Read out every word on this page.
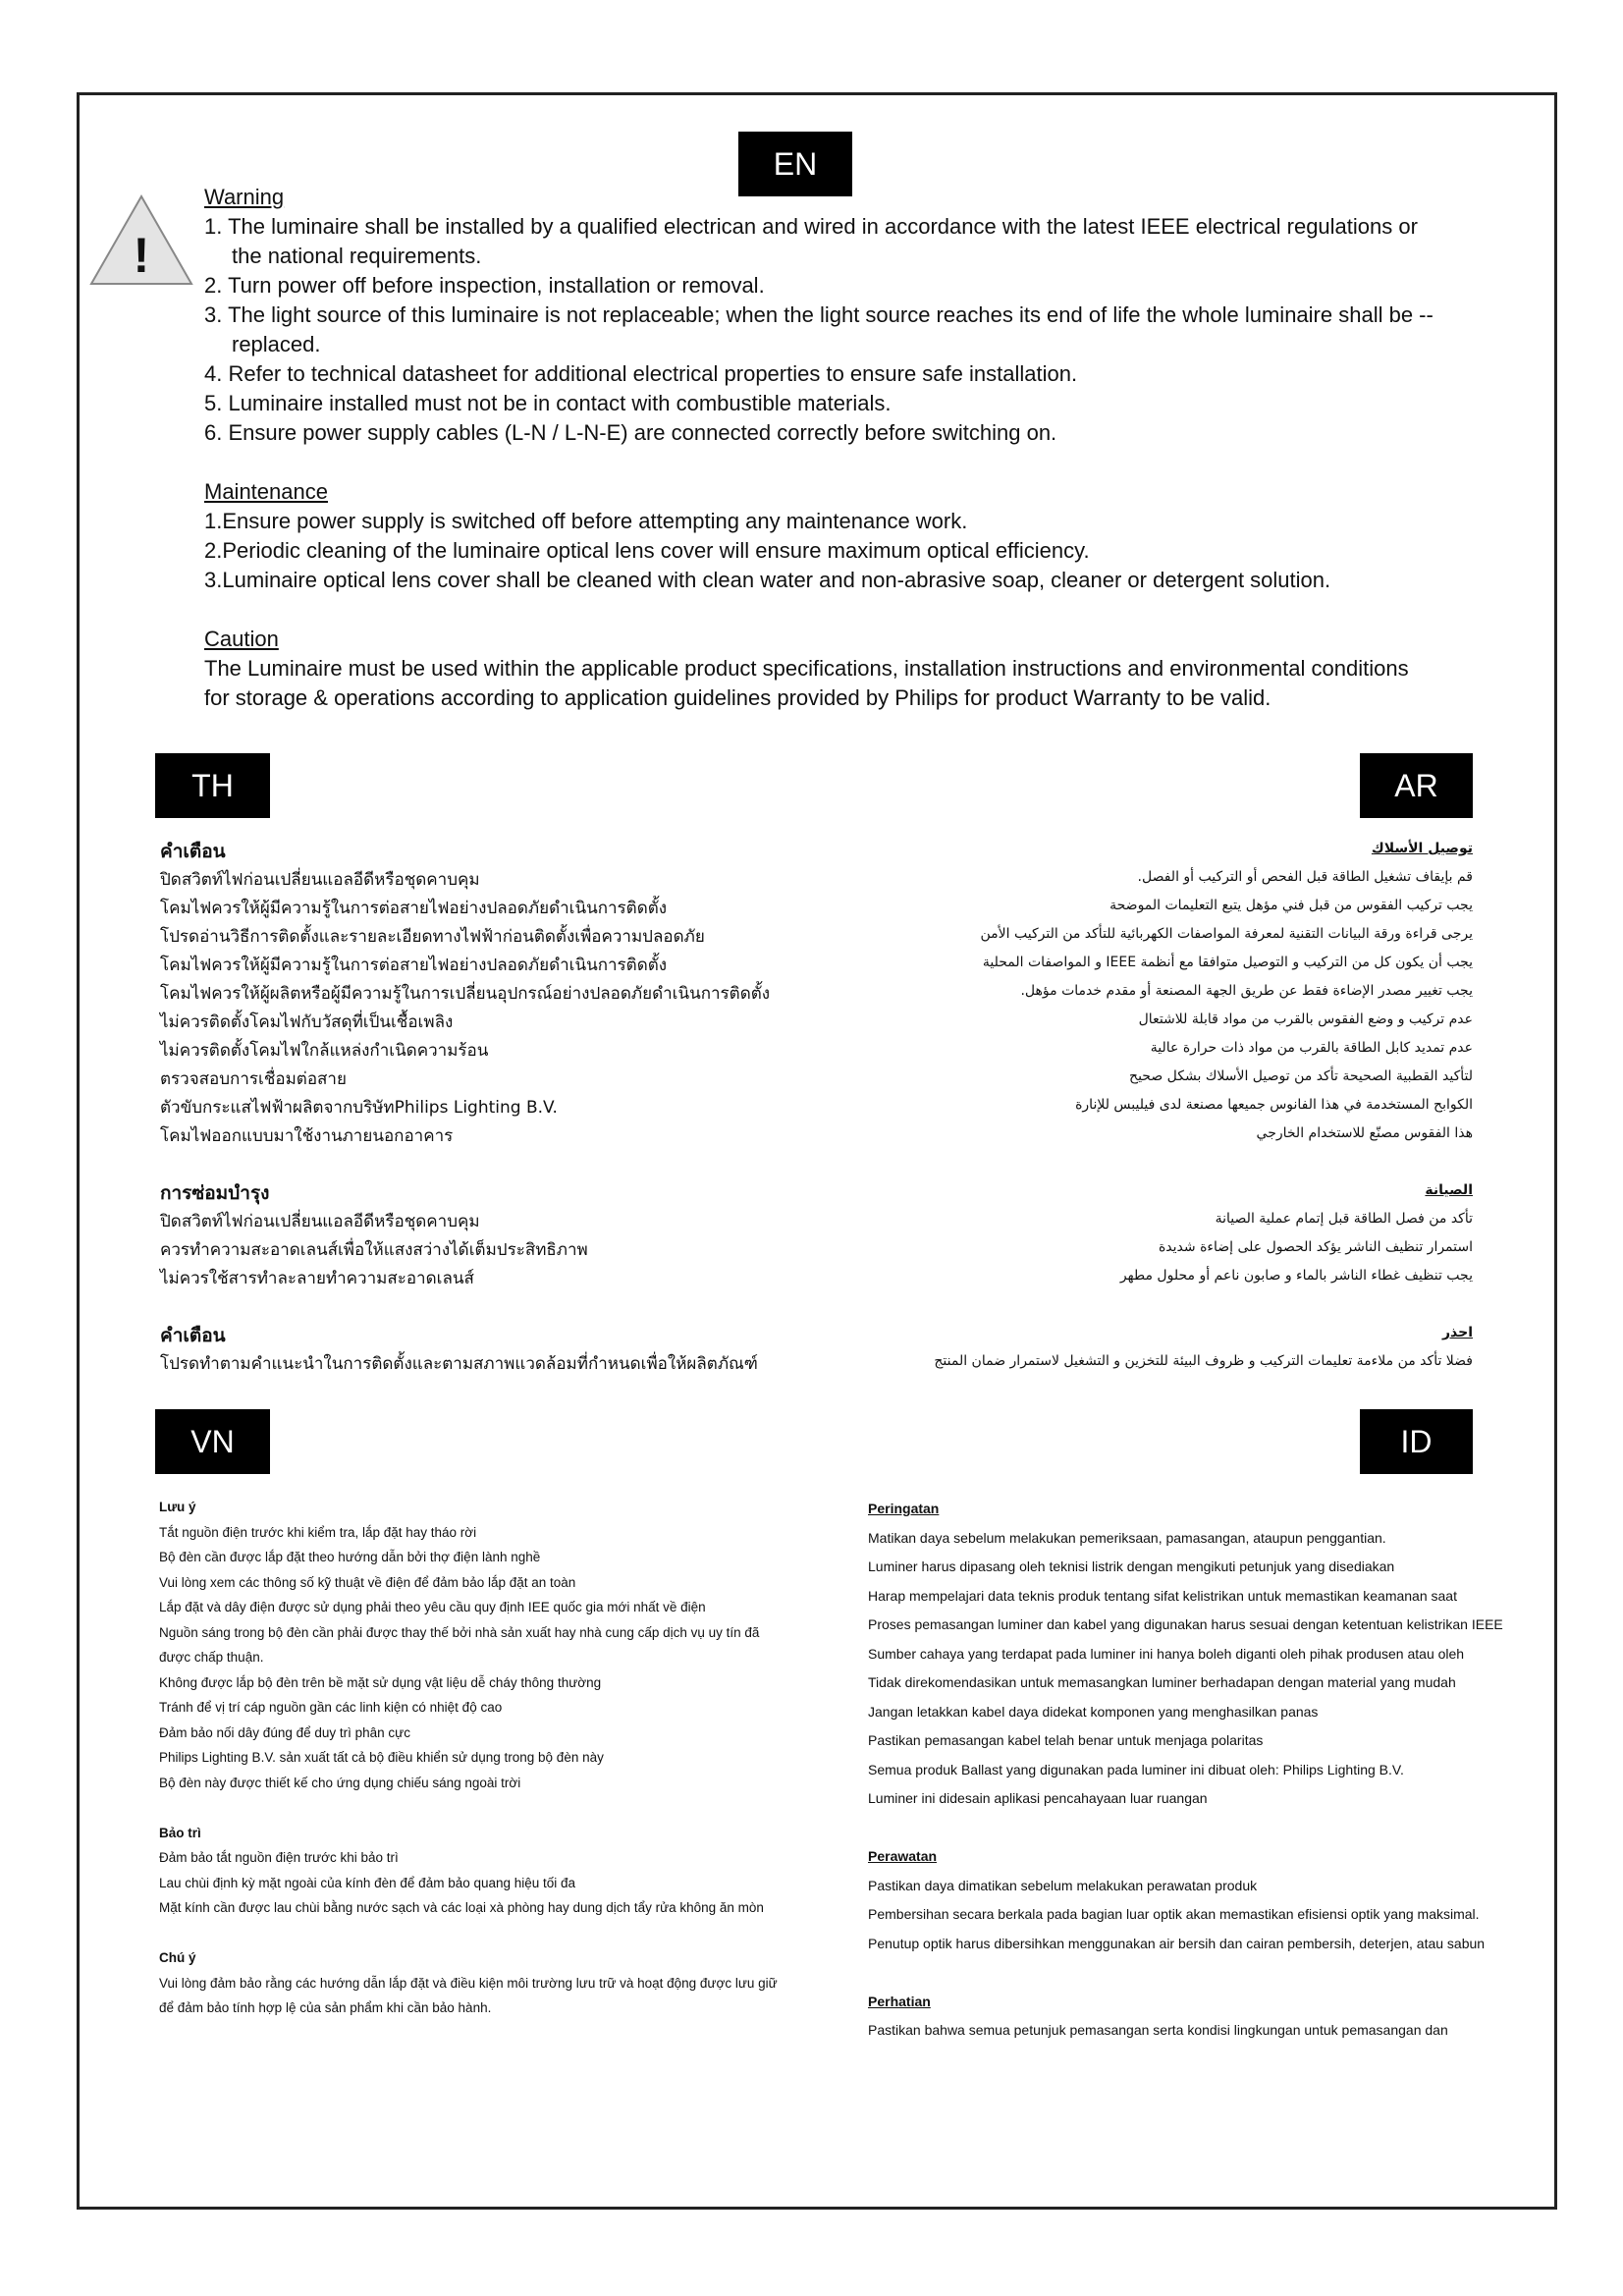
EN
!

Warning

1. The luminaire shall be installed by a qualified electrican and wired in accordance with the latest IEEE electrical regulations or

the national requirements.

2. Turn power off before inspection, installation or removal.

3. The light source of this luminaire is not replaceable; when the light source reaches its end of life the whole luminaire shall be --

replaced.

4. Refer to technical datasheet for additional electrical properties to ensure safe installation.

5. Luminaire installed must not be in contact with combustible materials.

6. Ensure power supply cables (L-N / L-N-E) are connected correctly before switching on.

Maintenance

1.Ensure power supply is switched off before attempting any maintenance work.

2.Periodic cleaning of the luminaire optical lens cover will ensure maximum optical efficiency.

3.Luminaire optical lens cover shall be cleaned with clean water and non-abrasive soap, cleaner or detergent solution.

Caution

The Luminaire must be used within the applicable product specifications, installation instructions and environmental conditions

for storage & operations according to application guidelines provided by Philips for product Warranty to be valid.

TH

คำเตือน

ปิดสวิตท์ไฟก่อนเปลี่ยนแอลอีดีหรือชุดคาบคุม

โคมไฟควรให้ผู้มีความรู้ในการต่อสายไฟอย่างปลอดภัยดำเนินการติดตั้ง

โปรดอ่านวิธีการติดตั้งและรายละเอียดทางไฟฟ้าก่อนติดตั้งเพื่อความปลอดภัย

โคมไฟควรให้ผู้มีความรู้ในการต่อสายไฟอย่างปลอดภัยดำเนินการติดตั้ง

โคมไฟควรให้ผู้ผลิตหรือผู้มีความรู้ในการเปลี่ยนอุปกรณ์อย่างปลอดภัยดำเนินการติดตั้ง

ไม่ควรติดตั้งโคมไฟกับวัสดุที่เป็นเชื้อเพลิง

ไม่ควรติดตั้งโคมไฟใกล้แหล่งกำเนิดความร้อน

ตรวจสอบการเชื่อมต่อสาย

ตัวขับกระแสไฟฟ้าผลิตจากบริษัทPhilips Lighting B.V.

โคมไฟออกแบบมาใช้งานภายนอกอาคาร

การซ่อมบำรุง

ปิดสวิตท์ไฟก่อนเปลี่ยนแอลอีดีหรือชุดคาบคุม

ควรทำความสะอาดเลนส์เพื่อให้แสงสว่างได้เต็มประสิทธิภาพ

ไม่ควรใช้สารทำละลายทำความสะอาดเลนส์

คำเตือน

โปรดทำตามคำแนะนำในการติดตั้งและตามสภาพแวดล้อมที่กำหนดเพื่อให้ผลิตภัณฑ์

AR

توصيل الأسلاك

قم بإيقاف تشغيل الطاقة قبل الفحص أو التركيب أو الفصل.

يجب تركيب الفقوس من قبل فني مؤهل يتبع التعليمات الموضحة

يرجى قراءة ورقة البيانات التقنية لمعرفة المواصفات الكهربائية للتأكد من التركيب الأمن

يجب أن يكون كل من التركيب و التوصيل متوافقا مع أنظمة IEEE و المواصفات المحلية

يجب تغيير مصدر الإضاءة فقط عن طريق الجهة المصنعة أو مقدم خدمات مؤهل.

عدم تركيب و وضع الفقوس بالقرب من مواد قابلة للاشتعال

عدم تمديد كابل الطاقة بالقرب من مواد ذات حرارة عالية

لتأكيد القطبية الصحيحة تأكد من توصيل الأسلاك بشكل صحيح

الكوابح المستخدمة في هذا الفانوس جميعها مصنعة لدى فيليبس للإنارة

هذا الفقوس مصنّع للاستخدام الخارجي

الصيانة

تأكد من فصل الطاقة قبل إتمام عملية الصيانة

استمرار تنظيف الناشر يؤكد الحصول على إضاءة شديدة

يجب تنظيف غطاء الناشر بالماء و صابون ناعم أو محلول مطهر

احذر

فضلا تأكد من ملاءمة تعليمات التركيب و ظروف البيئة للتخزين و التشغيل لاستمرار ضمان المنتج

VN

Lưu ý

Tắt nguồn điện trước khi kiểm tra, lắp đặt hay tháo rời

Bộ đèn cần được lắp đặt theo hướng dẫn bởi thợ điện lành nghề

Vui lòng xem các thông số kỹ thuật về điện để đảm bảo lắp đặt an toàn

Lắp đặt và dây điện được sử dụng phải theo yêu cầu quy định IEE quốc gia mới nhất về điện

Nguồn sáng trong bộ đèn cần phải được thay thế bởi nhà sản xuất hay nhà cung cấp dịch vụ uy tín đã

được chấp thuận.

Không được lắp bộ đèn trên bề mặt sử dụng vật liệu dễ cháy thông thường

Tránh để vị trí cáp nguồn gần các linh kiện có nhiệt độ cao

Đảm bảo nối dây đúng để duy trì phân cực

Philips Lighting B.V. sản xuất tất cả bộ điều khiển sử dụng trong bộ đèn này

Bộ đèn này được thiết kế cho ứng dụng chiếu sáng ngoài trời

Bảo trì

Đảm bảo tắt nguồn điện trước khi bảo trì

Lau chùi định kỳ mặt ngoài của kính đèn để đảm bảo quang hiệu tối đa

Mặt kính cần được lau chùi bằng nước sạch và các loại xà phòng hay dung dịch tẩy rửa không ăn mòn

Chú ý

Vui lòng đảm bảo rằng các hướng dẫn lắp đặt và điều kiện môi trường lưu trữ và hoạt động được lưu giữ

để đảm bảo tính hợp lệ của sản phẩm khi cần bảo hành.

ID

Peringatan

Matikan daya sebelum melakukan pemeriksaan, pamasangan, ataupun penggantian.

Luminer harus dipasang oleh teknisi listrik dengan mengikuti petunjuk yang disediakan

Harap mempelajari data teknis produk tentang sifat kelistrikan untuk memastikan keamanan saat

Proses pemasangan luminer dan kabel yang digunakan harus sesuai dengan ketentuan kelistrikan IEEE

Sumber cahaya yang terdapat pada luminer ini hanya boleh diganti oleh pihak produsen atau oleh

Tidak direkomendasikan untuk memasangkan luminer berhadapan dengan material yang mudah

Jangan letakkan kabel daya didekat komponen yang menghasilkan panas

Pastikan pemasangan kabel telah benar untuk menjaga polaritas

Semua produk Ballast yang digunakan pada luminer ini dibuat oleh: Philips Lighting B.V.

Luminer ini didesain aplikasi pencahayaan luar ruangan

Perawatan

Pastikan daya dimatikan sebelum melakukan perawatan produk

Pembersihan secara berkala pada bagian luar optik akan memastikan efisiensi optik yang maksimal.

Penutup optik harus dibersihkan menggunakan air bersih dan cairan pembersih, deterjen, atau sabun

Perhatian

Pastikan bahwa semua petunjuk pemasangan serta kondisi lingkungan untuk pemasangan dan
